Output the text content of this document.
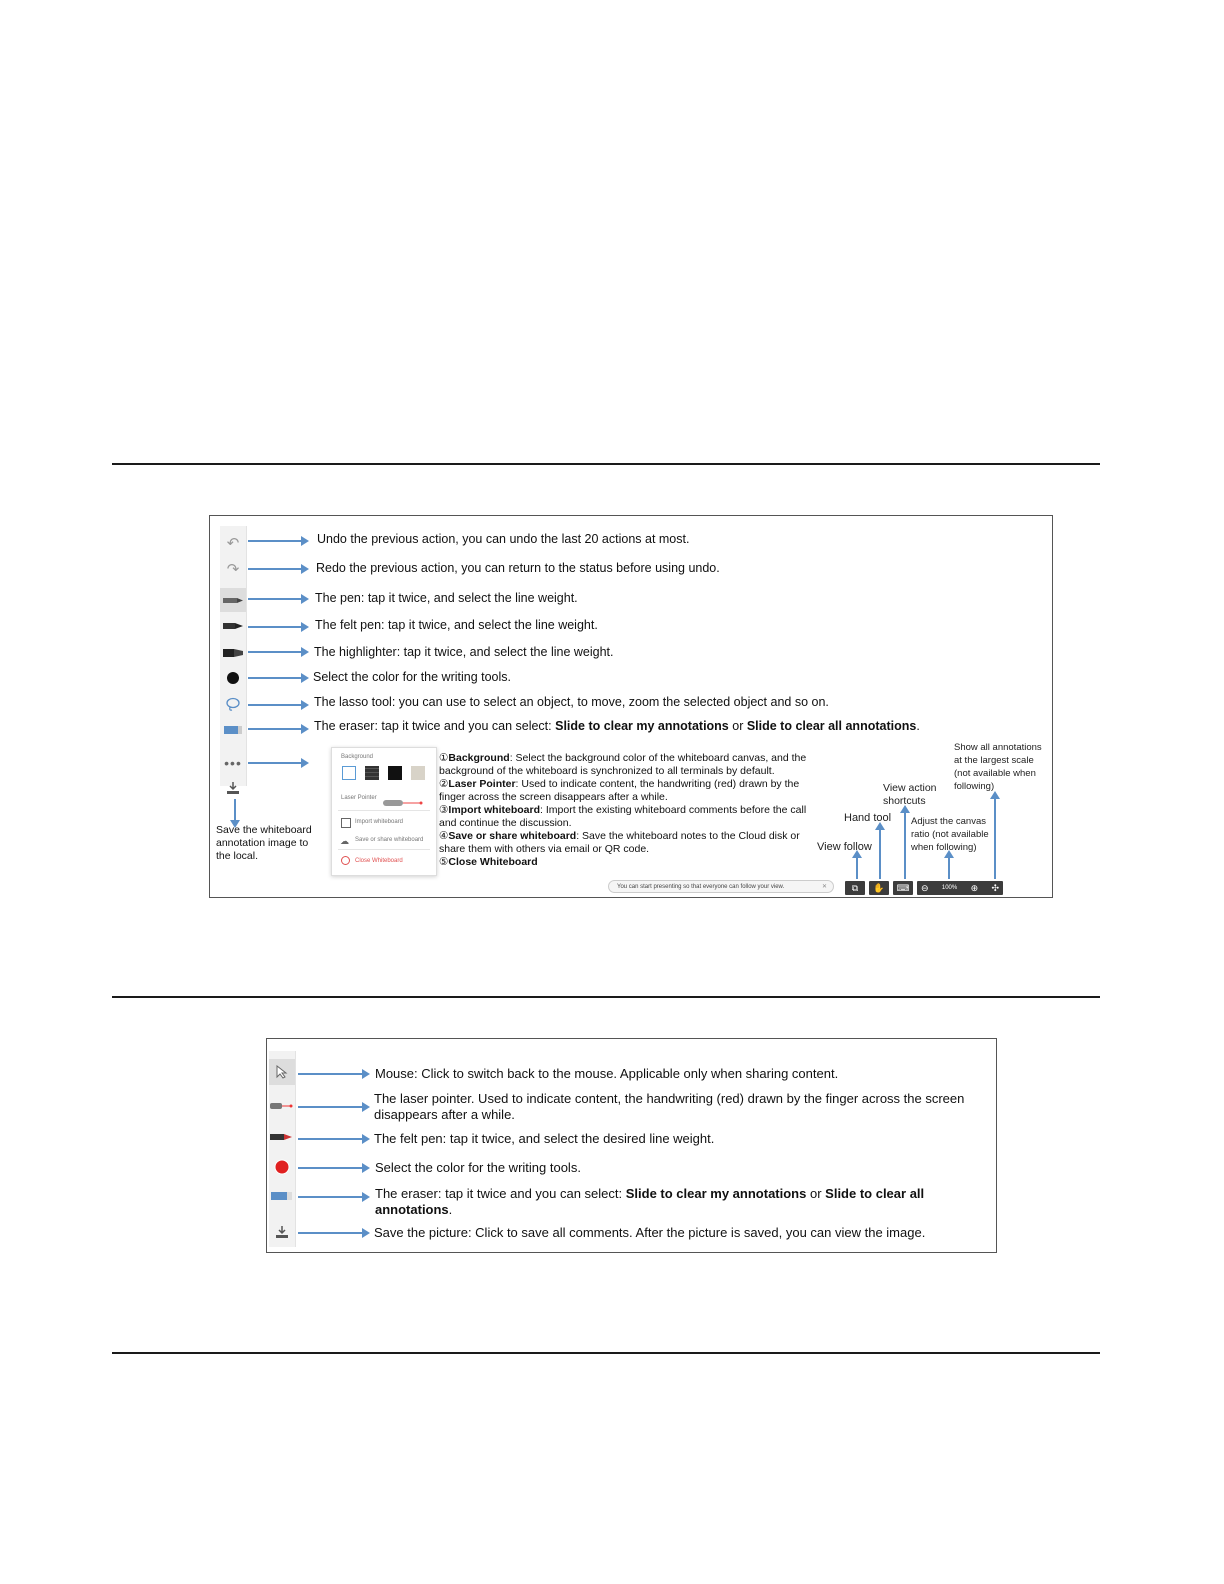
↶
↷
•••
Undo the previous action, you can undo the last 20 actions at most.
Redo the previous action, you can return to the status before using undo.
The pen: tap it twice, and select the line weight.
The felt pen: tap it twice, and select the line weight.
The highlighter: tap it twice, and select the line weight.
Select the color for the writing tools.
The lasso tool: you can use to select an object, to move, zoom the selected object and so on.
The eraser: tap it twice and you can select: Slide to clear my annotations or Slide to clear all annotations.
Save the whiteboard annotation image to the local.
Background
Laser Pointer
Import whiteboard
☁ Save or share whiteboard
Close Whiteboard
①Background: Select the background color of the whiteboard canvas, and the background of the whiteboard is synchronized to all terminals by default.
②Laser Pointer: Used to indicate content, the handwriting (red) drawn by the finger across the screen disappears after a while.
③Import whiteboard: Import the existing whiteboard comments before the call and continue the discussion.
④Save or share whiteboard: Save the whiteboard notes to the Cloud disk or share them with others via email or QR code.
⑤Close Whiteboard
You can start presenting so that everyone can follow your view.	✕	⧉	✋	⌨	⊖ 100% ⊕ ✣
View follow
Hand tool
View action shortcuts
Adjust the canvas ratio (not available when following)
Show all annotations at the largest scale (not available when following)
Mouse: Click to switch back to the mouse. Applicable only when sharing content.
The laser pointer. Used to indicate content, the handwriting (red) drawn by the finger across the screen disappears after a while.
The felt pen: tap it twice, and select the desired line weight.
Select the color for the writing tools.
The eraser: tap it twice and you can select: Slide to clear my annotations or Slide to clear all annotations.
Save the picture: Click to save all comments. After the picture is saved, you can view the image.
